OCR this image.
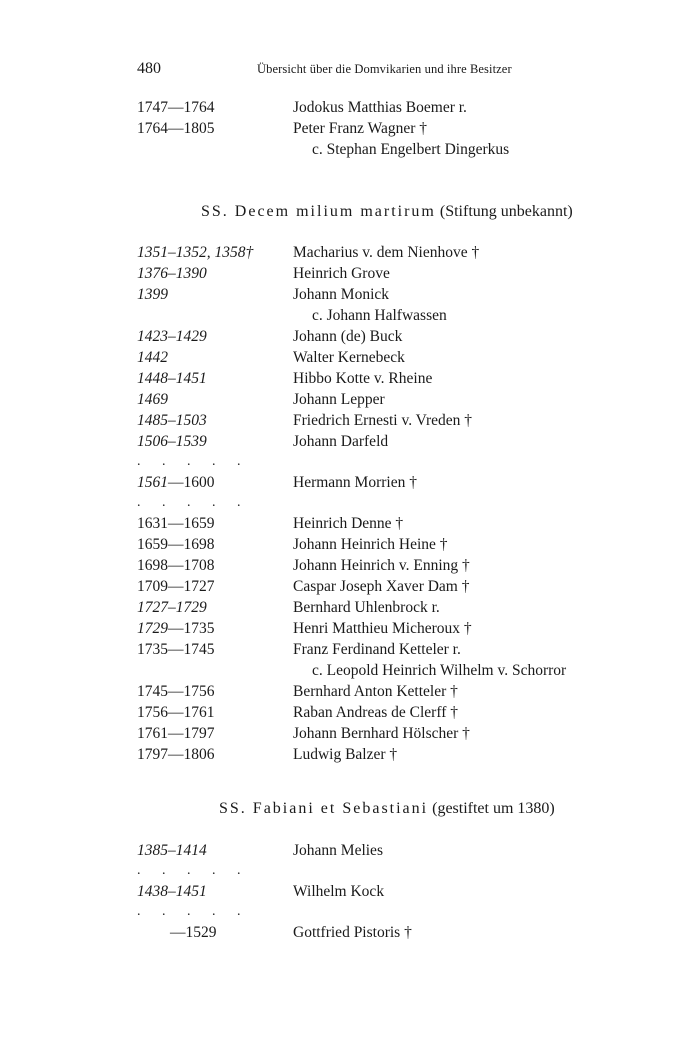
480	Übersicht über die Domvikarien und ihre Besitzer
1747—1764	Jodokus Matthias Boemer r.
1764—1805	Peter Franz Wagner †
c. Stephan Engelbert Dingerkus
SS. Decem milium martirum (Stiftung unbekannt)
1351–1352, 1358†	Macharius v. dem Nienhove †
1376–1390	Heinrich Grove
1399	Johann Monick
c. Johann Halfwassen
1423–1429	Johann (de) Buck
1442	Walter Kernebeck
1448–1451	Hibbo Kotte v. Rheine
1469	Johann Lepper
1485–1503	Friedrich Ernesti v. Vreden †
1506–1539	Johann Darfeld
. . . . .
1561—1600	Hermann Morrien †
. . . . .
1631—1659	Heinrich Denne †
1659—1698	Johann Heinrich Heine †
1698—1708	Johann Heinrich v. Enning †
1709—1727	Caspar Joseph Xaver Dam †
1727–1729	Bernhard Uhlenbrock r.
1729—1735	Henri Matthieu Micheroux †
1735—1745	Franz Ferdinand Ketteler r.
c. Leopold Heinrich Wilhelm v. Schorror
1745—1756	Bernhard Anton Ketteler †
1756—1761	Raban Andreas de Clerff †
1761—1797	Johann Bernhard Hölscher †
1797—1806	Ludwig Balzer †
SS. Fabiani et Sebastiani (gestiftet um 1380)
1385–1414	Johann Melies
. . . . .
1438–1451	Wilhelm Kock
. . . . .
—1529	Gottfried Pistoris †
